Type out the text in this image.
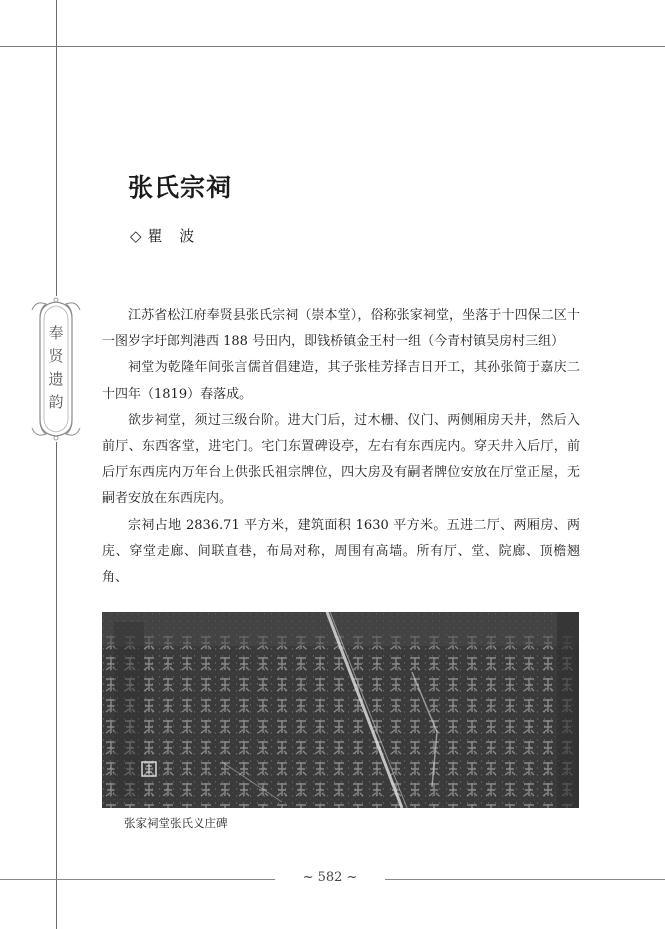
张氏宗祠
◇瞿 波
奉贤遗韵

江苏省松江府奉贤县张氏宗祠（崇本堂），俗称张家祠堂，坐落于十四保二区十一图岁字圩郎判港西 188 号田内，即钱桥镇金王村一组（今青村镇吴房村三组）

祠堂为乾隆年间张言儒首倡建造，其子张桂芳择吉日开工，其孙张简于嘉庆二十四年（1819）春落成。

欲步祠堂，须过三级台阶。进大门后，过木栅、仪门、两侧厢房天井，然后入前厅、东西客堂，进宅门。宅门东置碑设亭，左右有东西庑内。穿天井入后厅，前后厅东西庑内万年台上供张氏祖宗牌位，四大房及有嗣者牌位安放在厅堂正屋，无嗣者安放在东西庑内。

宗祠占地 2836.71 平方米，建筑面积 1630 平方米。五进二厅、两厢房、两庑、穿堂走廊、间联直巷，布局对称，周围有高墙。所有厅、堂、院廊、顶檐翘角、

张家祠堂张氏义庄碑
~ 582 ~
